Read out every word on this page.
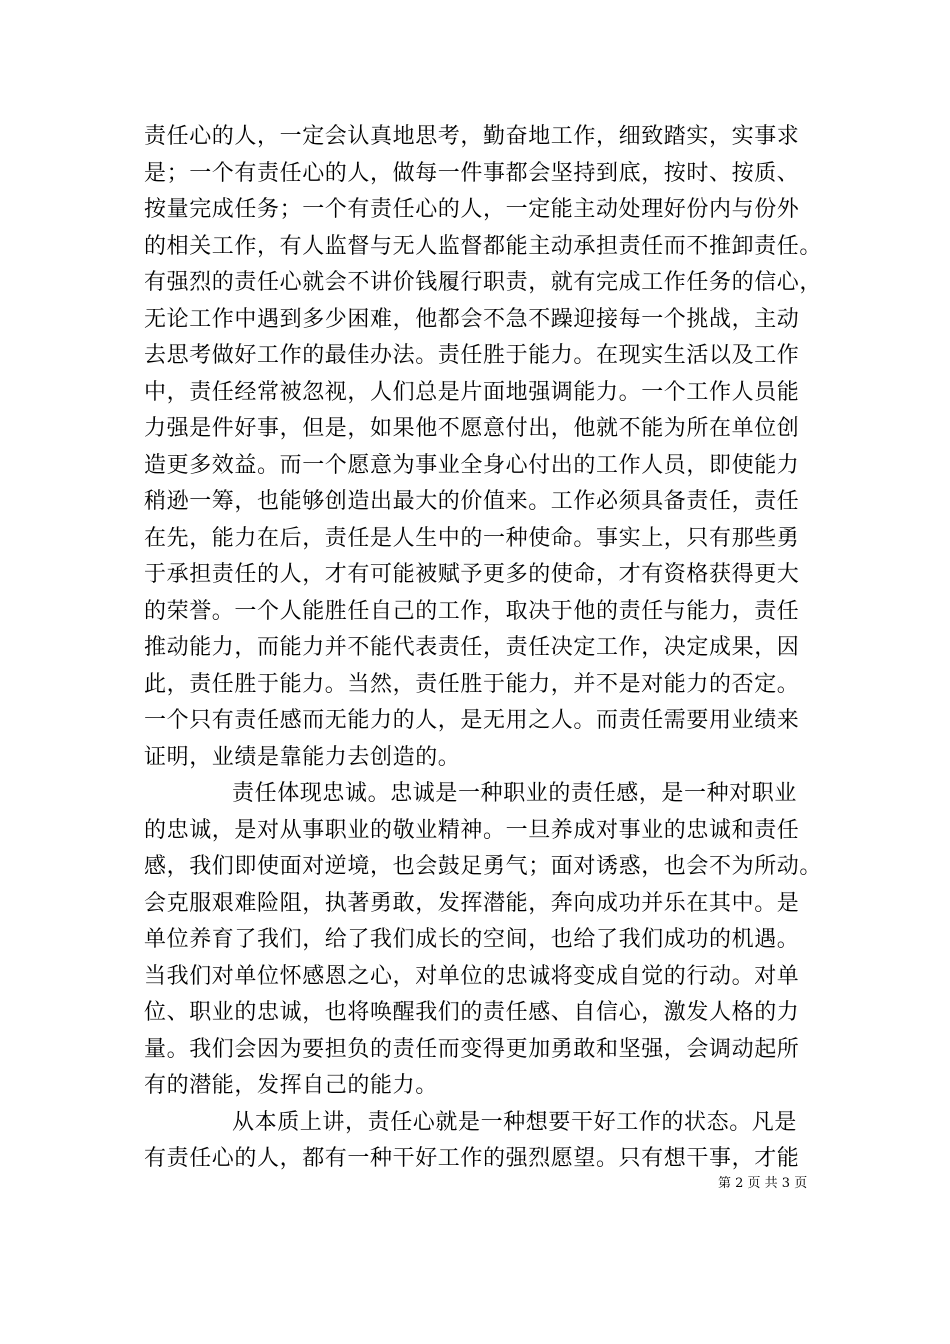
责任心的人，一定会认真地思考，勤奋地工作，细致踏实，实事求
是；一个有责任心的人，做每一件事都会坚持到底，按时、按质、
按量完成任务；一个有责任心的人，一定能主动处理好份内与份外
的相关工作，有人监督与无人监督都能主动承担责任而不推卸责任。
有强烈的责任心就会不讲价钱履行职责，就有完成工作任务的信心，
无论工作中遇到多少困难，他都会不急不躁迎接每一个挑战，主动
去思考做好工作的最佳办法。责任胜于能力。在现实生活以及工作
中，责任经常被忽视，人们总是片面地强调能力。一个工作人员能
力强是件好事，但是，如果他不愿意付出，他就不能为所在单位创
造更多效益。而一个愿意为事业全身心付出的工作人员，即使能力
稍逊一筹，也能够创造出最大的价值来。工作必须具备责任，责任
在先，能力在后，责任是人生中的一种使命。事实上，只有那些勇
于承担责任的人，才有可能被赋予更多的使命，才有资格获得更大
的荣誉。一个人能胜任自己的工作，取决于他的责任与能力，责任
推动能力，而能力并不能代表责任，责任决定工作，决定成果，因
此，责任胜于能力。当然，责任胜于能力，并不是对能力的否定。
一个只有责任感而无能力的人，是无用之人。而责任需要用业绩来
证明，业绩是靠能力去创造的。
责任体现忠诚。忠诚是一种职业的责任感，是一种对职业
的忠诚，是对从事职业的敬业精神。一旦养成对事业的忠诚和责任
感，我们即使面对逆境，也会鼓足勇气；面对诱惑，也会不为所动。
会克服艰难险阻，执著勇敢，发挥潜能，奔向成功并乐在其中。是
单位养育了我们，给了我们成长的空间，也给了我们成功的机遇。
当我们对单位怀感恩之心，对单位的忠诚将变成自觉的行动。对单
位、职业的忠诚，也将唤醒我们的责任感、自信心，激发人格的力
量。我们会因为要担负的责任而变得更加勇敢和坚强，会调动起所
有的潜能，发挥自己的能力。
从本质上讲，责任心就是一种想要干好工作的状态。凡是
有责任心的人，都有一种干好工作的强烈愿望。只有想干事，才能
第 2 页 共 3 页
